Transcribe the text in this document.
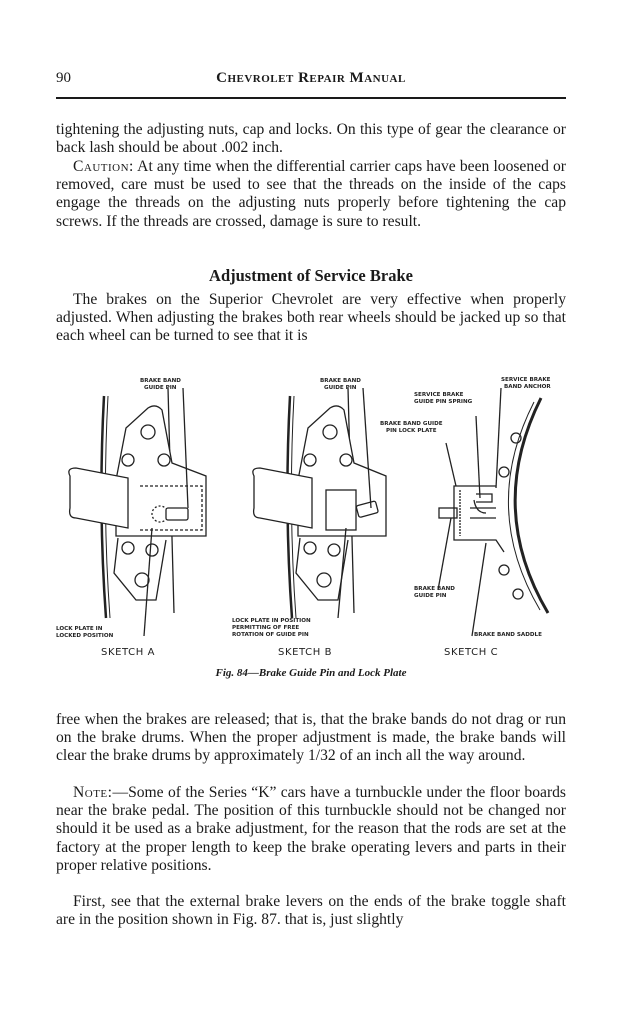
90	Chevrolet Repair Manual

tightening the adjusting nuts, cap and locks. On this type of gear the clearance or back lash should be about .002 inch.

Caution: At any time when the differential carrier caps have been loosened or removed, care must be used to see that the threads on the inside of the caps engage the threads on the adjusting nuts properly before tightening the cap screws. If the threads are crossed, damage is sure to result.

Adjustment of Service Brake

The brakes on the Superior Chevrolet are very effective when properly adjusted. When adjusting the brakes both rear wheels should be jacked up so that each wheel can be turned to see that it is

BRAKE BAND
GUIDE PIN
LOCK PLATE IN
LOCKED POSITION
SKETCH A
BRAKE BAND
GUIDE PIN
LOCK PLATE IN POSITION
PERMITTING OF FREE
ROTATION OF GUIDE PIN
SKETCH B
SERVICE BRAKE
BAND ANCHOR
SERVICE BRAKE
GUIDE PIN SPRING
BRAKE BAND GUIDE
PIN LOCK PLATE
BRAKE BAND
GUIDE PIN
BRAKE BAND SADDLE
SKETCH C
Fig. 84—Brake Guide Pin and Lock Plate

free when the brakes are released; that is, that the brake bands do not drag or run on the brake drums. When the proper adjustment is made, the brake bands will clear the brake drums by approximately 1/32 of an inch all the way around.

Note:—Some of the Series “K” cars have a turnbuckle under the floor boards near the brake pedal. The position of this turnbuckle should not be changed nor should it be used as a brake adjustment, for the reason that the rods are set at the factory at the proper length to keep the brake operating levers and parts in their proper relative positions.

First, see that the external brake levers on the ends of the brake toggle shaft are in the position shown in Fig. 87. that is, just slightly
